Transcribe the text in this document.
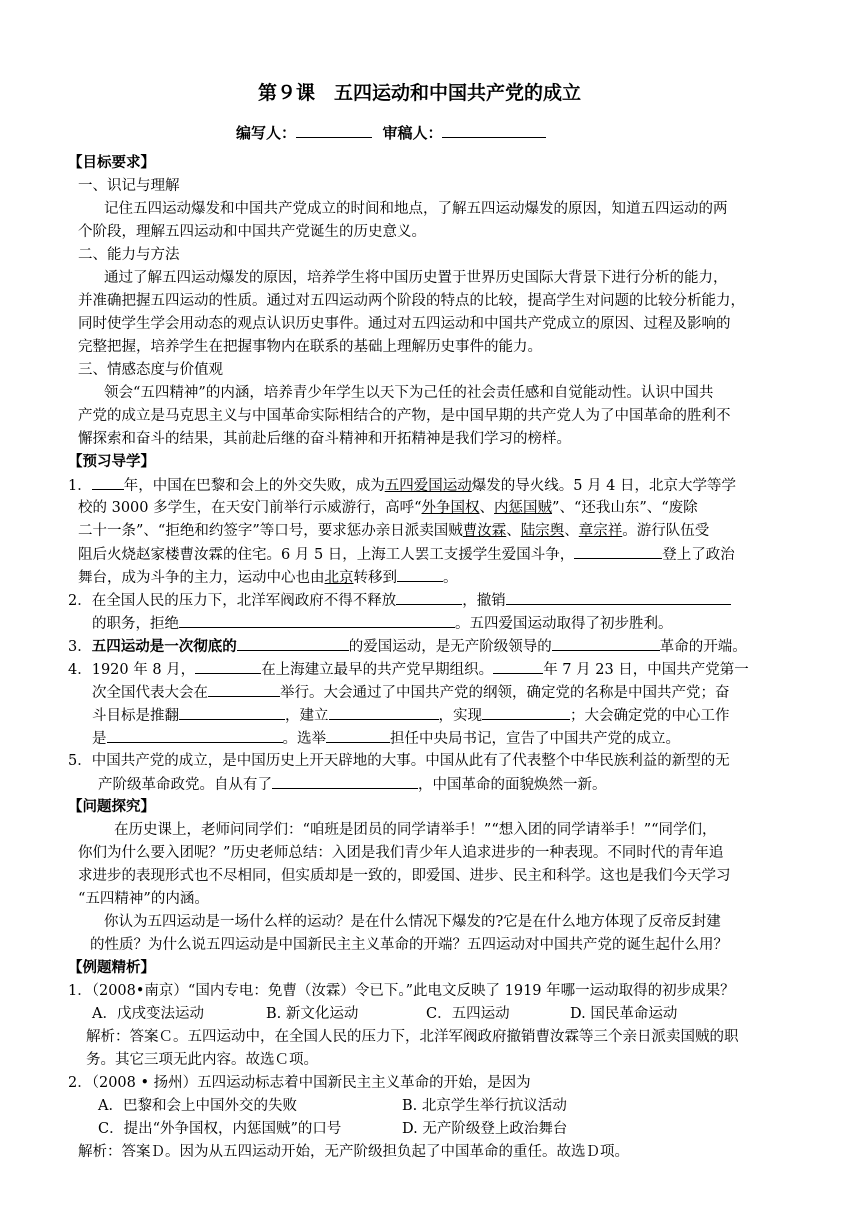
第９课　五四运动和中国共产党的成立
编写人：	审稿人：
【目标要求】
一、识记与理解
记住五四运动爆发和中国共产党成立的时间和地点，了解五四运动爆发的原因，知道五四运动的两
个阶段，理解五四运动和中国共产党诞生的历史意义。
二、能力与方法
通过了解五四运动爆发的原因，培养学生将中国历史置于世界历史国际大背景下进行分析的能力，
并准确把握五四运动的性质。通过对五四运动两个阶段的特点的比较，提高学生对问题的比较分析能力，
同时使学生学会用动态的观点认识历史事件。通过对五四运动和中国共产党成立的原因、过程及影响的
完整把握，培养学生在把握事物内在联系的基础上理解历史事件的能力。
三、情感态度与价值观
领会“五四精神”的内涵，培养青少年学生以天下为己任的社会责任感和自觉能动性。认识中国共
产党的成立是马克思主义与中国革命实际相结合的产物，是中国早期的共产党人为了中国革命的胜利不
懈探索和奋斗的结果，其前赴后继的奋斗精神和开拓精神是我们学习的榜样。
【预习导学】
1． 年，中国在巴黎和会上的外交失败，成为五四爱国运动爆发的导火线。5 月 4 日，北京大学等学
校的 3000 多学生，在天安门前举行示威游行，高呼“外争国权、内惩国贼”、“还我山东”、“废除
二十一条”、“拒绝和约签字”等口号，要求惩办亲日派卖国贼曹汝霖、陆宗舆、章宗祥。游行队伍受
阻后火烧赵家楼曹汝霖的住宅。6 月 5 日，上海工人罢工支援学生爱国斗争，	登上了政治
舞台，成为斗争的主力，运动中心也由北京转移到	。
2．在全国人民的压力下，北洋军阀政府不得不释放	，撤销
的职务，拒绝	。五四爱国运动取得了初步胜利。
3．五四运动是一次彻底的	的爱国运动，是无产阶级领导的	革命的开端。
4．1920 年 8 月，	在上海建立最早的共产党早期组织。	年 7 月 23 日，中国共产党第一
次全国代表大会在	举行。大会通过了中国共产党的纲领，确定党的名称是中国共产党；奋
斗目标是推翻	，建立	，实现	；大会确定党的中心工作
是	。选举	担任中央局书记，宣告了中国共产党的成立。
5．中国共产党的成立，是中国历史上开天辟地的大事。中国从此有了代表整个中华民族利益的新型的无
产阶级革命政党。自从有了	，中国革命的面貌焕然一新。
【问题探究】
在历史课上，老师问同学们：“咱班是团员的同学请举手！”“想入团的同学请举手！”“同学们，
你们为什么要入团呢？”历史老师总结：入团是我们青少年人追求进步的一种表现。不同时代的青年追
求进步的表现形式也不尽相同，但实质却是一致的，即爱国、进步、民主和科学。这也是我们今天学习
“五四精神”的内涵。
你认为五四运动是一场什么样的运动？是在什么情况下爆发的?它是在什么地方体现了反帝反封建
的性质？为什么说五四运动是中国新民主主义革命的开端？五四运动对中国共产党的诞生起什么用？
【例题精析】
1．（2008•南京）“国内专电：免曹（汝霖）令已下。”此电文反映了 1919 年哪一运动取得的初步成果？
A．戊戌变法运动	B. 新文化运动	C．五四运动	D. 国民革命运动
解析：答案Ｃ。五四运动中，在全国人民的压力下，北洋军阀政府撤销曹汝霖等三个亲日派卖国贼的职
务。其它三项无此内容。故选Ｃ项。
2．（2008 • 扬州）五四运动标志着中国新民主主义革命的开始，是因为
A．巴黎和会上中国外交的失败	B. 北京学生举行抗议活动
C．提出“外争国权，内惩国贼”的口号	D. 无产阶级登上政治舞台
解析：答案Ｄ。因为从五四运动开始，无产阶级担负起了中国革命的重任。故选Ｄ项。
